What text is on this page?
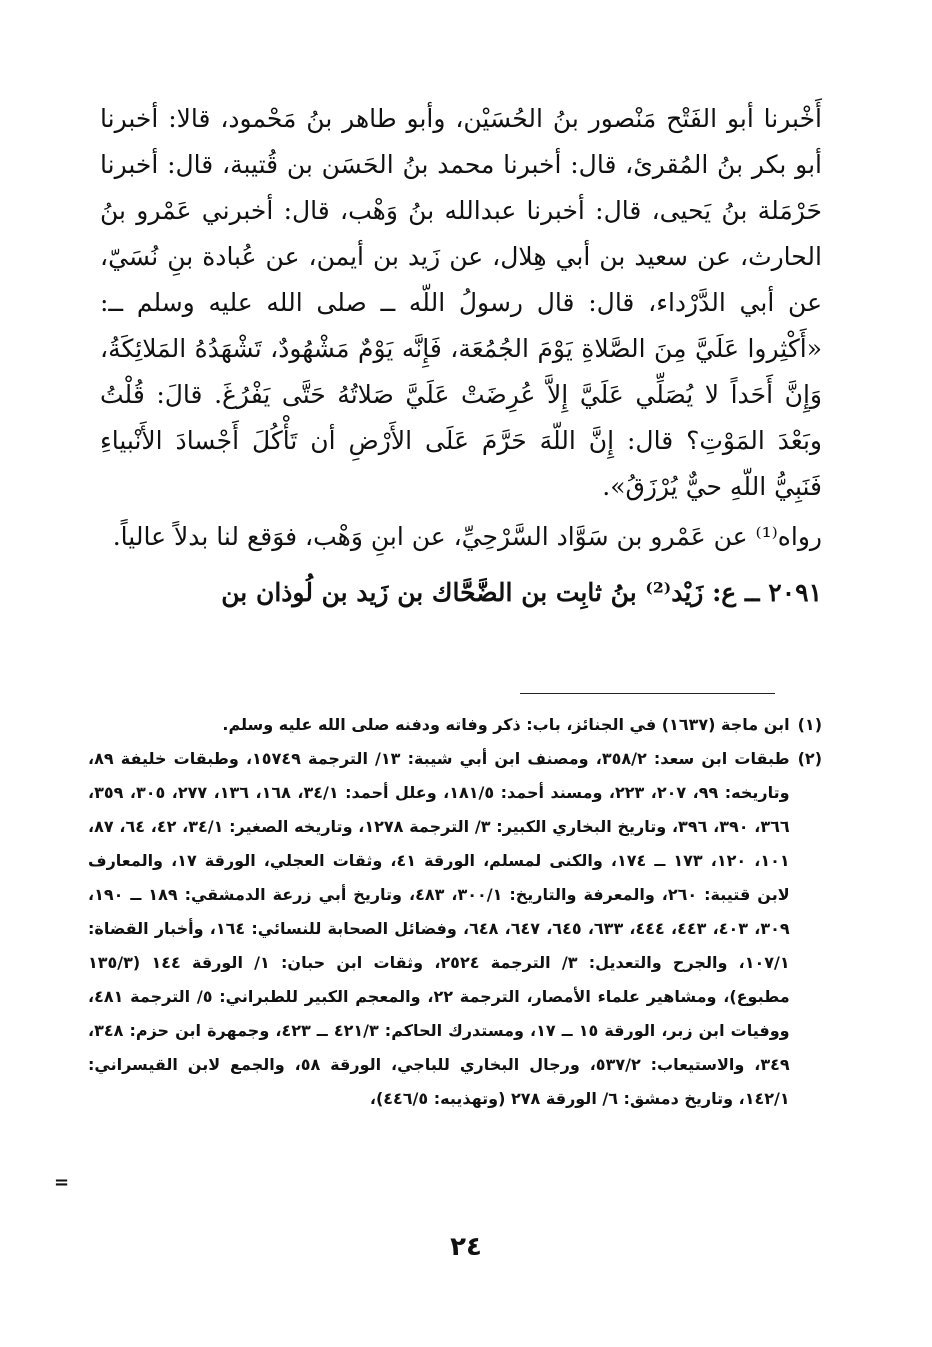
أَخْبرنا أبو الفَتْح مَنْصور بنُ الحُسَيْن، وأبو طاهر بنُ مَحْمود، قالا: أخبرنا أبو بكر بنُ المُقرئ، قال: أخبرنا محمد بنُ الحَسَن بن قُتيبة، قال: أخبرنا حَرْمَلة بنُ يَحيى، قال: أخبرنا عبدالله بنُ وَهْب، قال: أخبرني عَمْرو بنُ الحارث، عن سعيد بن أبي هِلال، عن زَيد بن أيمن، عن عُبادة بنِ نُسَيّ، عن أبي الدَّرْداء، قال: قال رسولُ اللّه ــ صلى الله عليه وسلم ــ: «أَكْثِروا عَلَيَّ مِنَ الصَّلاةِ يَوْمَ الجُمُعَة، فَإِنَّه يَوْمٌ مَشْهُودٌ، تَشْهَدُهُ المَلائِكَةُ، وَإِنَّ أَحَداً لا يُصَلِّي عَلَيَّ إِلاَّ عُرِضَتْ عَلَيَّ صَلاتُهُ حَتَّى يَفْرُغَ. قالَ: قُلْتُ وبَعْدَ المَوْتِ؟ قال: إِنَّ اللّهَ حَرَّمَ عَلَى الأَرْضِ أن تَأْكُلَ أَجْسادَ الأَنْبياءِ فَنَبِيُّ اللّهِ حيٌّ يُرْزَقُ».

رواه⁽¹⁾ عن عَمْرو بن سَوَّاد السَّرْحِيِّ، عن ابنِ وَهْب، فوَقع لنا بدلاً عالياً.

٢٠٩١ ــ ع: زَيْد⁽²⁾ بنُ ثابِت بن الضَّحَّاك بن زَيد بن لُوذان بن

(١)
ابن ماجة (١٦٣٧) في الجنائز، باب: ذكر وفاته ودفنه صلى الله عليه وسلم.
(٢)
طبقات ابن سعد: ٣٥٨/٢، ومصنف ابن أبي شيبة: ١٣/ الترجمة ١٥٧٤٩، وطبقات خليفة ٨٩، وتاريخه: ٩٩، ٢٠٧، ٢٢٣، ومسند أحمد: ١٨١/٥، وعلل أحمد: ٣٤/١، ١٦٨، ١٣٦، ٢٧٧، ٣٠٥، ٣٥٩، ٣٦٦، ٣٩٠، ٣٩٦، وتاريخ البخاري الكبير: ٣/ الترجمة ١٢٧٨، وتاريخه الصغير: ٣٤/١، ٤٢، ٦٤، ٨٧، ١٠١، ١٢٠، ١٧٣ ــ ١٧٤، والكنى لمسلم، الورقة ٤١، وثقات العجلي، الورقة ١٧، والمعارف لابن قتيبة: ٢٦٠، والمعرفة والتاريخ: ٣٠٠/١، ٤٨٣، وتاريخ أبي زرعة الدمشقي: ١٨٩ ــ ١٩٠، ٣٠٩، ٤٠٣، ٤٤٣، ٤٤٤، ٦٣٣، ٦٤٥، ٦٤٧، ٦٤٨، وفضائل الصحابة للنسائي: ١٦٤، وأخبار القضاة: ١٠٧/١، والجرح والتعديل: ٣/ الترجمة ٢٥٢٤، وثقات ابن حبان: ١/ الورقة ١٤٤ (١٣٥/٣ مطبوع)، ومشاهير علماء الأمصار، الترجمة ٢٢، والمعجم الكبير للطبراني: ٥/ الترجمة ٤٨١، ووفيات ابن زبر، الورقة ١٥ ــ ١٧، ومستدرك الحاكم: ٤٢١/٣ ــ ٤٢٣، وجمهرة ابن حزم: ٣٤٨، ٣٤٩، والاستيعاب: ٥٣٧/٢، ورجال البخاري للباجي، الورقة ٥٨، والجمع لابن القيسراني: ١٤٢/١، وتاريخ دمشق: ٦/ الورقة ٢٧٨ (وتهذيبه: ٤٤٦/٥)،
=
٢٤
